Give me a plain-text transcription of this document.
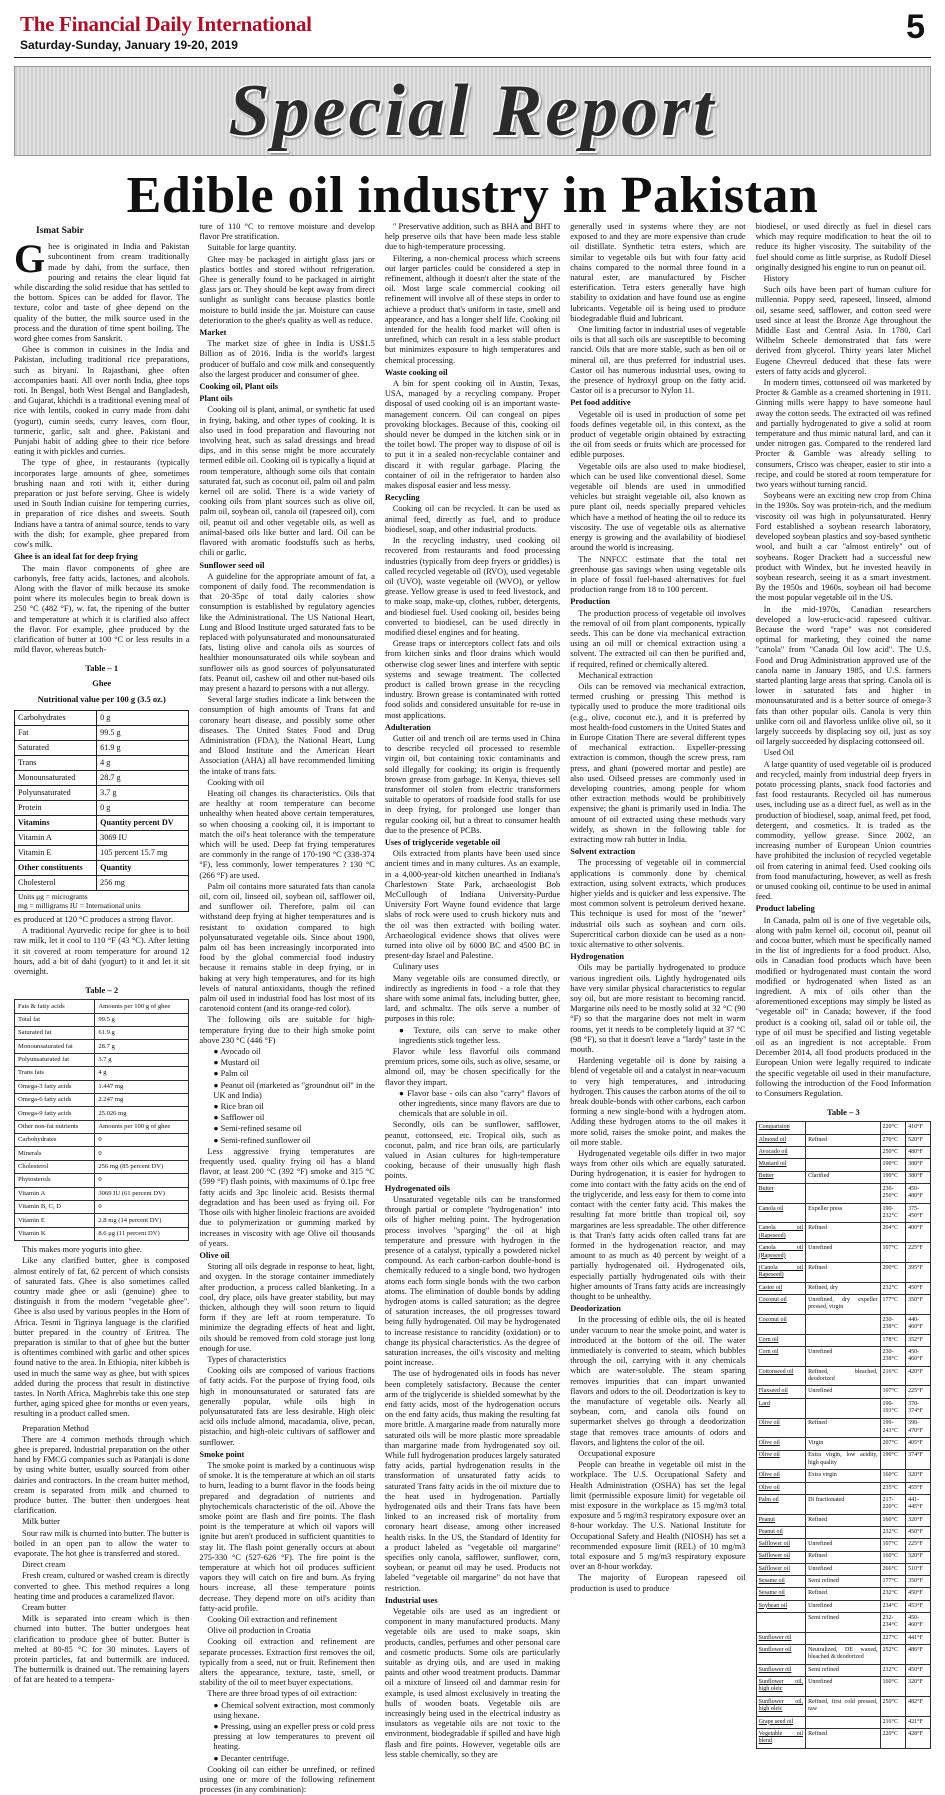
The Financial Daily International
Saturday-Sunday, January 19-20, 2019	5
Special Report
Edible oil industry in Pakistan
Ismat Sabir

Ghee is originated in India and Pakistan subcontinent from cream traditionally made by dahi, from the surface, then pouring and retains the clear liquid fat while discarding the solid residue that has settled to the bottom. Spices can be added for flavor. The texture, color and taste of ghee depend on the quality of the butter, the milk source used in the process and the duration of time spent boiling. The word ghee comes from Sanskrit.

Ghee is common in cuisines in the India and Pakistan, including traditional rice preparations, such as biryani. In Rajasthani, ghee often accompanies baati. All over north India, ghee tops roti. In Bengal, both West Bengal and Bangladesh, and Gujarat, khichdi is a traditional evening meal of rice with lentils, cooked in curry made from dahi (yogurt), cumin seeds, curry leaves, corn flour, turmeric, garlic, salt and ghee. Pakistani and Punjabi habit of adding ghee to their rice before eating it with pickles and curries.

The type of ghee, in restaurants (typically incorporates large amounts of ghee, sometimes brushing naan and roti with it, either during preparation or just before serving. Ghee is widely used in South Indian cuisine for tempering curries, in preparation of rice dishes and sweets. South Indians have a tantra of animal source, tends to vary with the dish; for example, ghee prepared from cow's milk.

Ghee is an ideal fat for deep frying

The main flavor components of ghee are carbonyls, free fatty acids, lactones, and alcohols. Along with the flavor of milk because its smoke point where its molecules begin to break down is 250 °C (482 °F), w. fat, the ripening of the butter and temperature at which it is clarified also affect the flavor. For example, ghee produced by the clarification of butter at 100 °C or less results in a mild flavor, whereas butch-

Table – 1
Ghee
Nutritional value per 100 g (3.5 oz.)
Carbohydrates	0 g
Fat	99.5 g
Saturated	61.9 g
Trans	4 g
Monounsaturated	28.7 g
Polyunsaturated	3.7 g
Protein	0 g
Vitamins	Quantity percent DV
Vitamin A	3069 IU
Vitamin E	105 percent 15.7 mg
Other constituents	Quantity
Cholesterol	256 mg
Units μg = micrograms
mg = milligrams IU = International units

es produced at 120 °C produces a strong flavor.

A traditional Ayurvedic recipe for ghee is to boil raw milk, let it cool to 110 °F (43 °C). After letting it sit covered at room temperature for around 12 hours, add a bit of dahi (yogurt) to it and let it sit overnight.

Table – 2
Fats & fatty acids	Amounts per 100 g of ghee
Total fat	99.5 g
Saturated fat	61.9 g
Monounsaturated fat	28.7 g
Polyunsaturated fat	3.7 g
Trans fats	4 g
Omega-3 fatty acids	1.447 mg
Omega-6 fatty acids	2.247 mg
Omega-9 fatty acids	25.026 mg
Other non-fat nutrients	Amounts per 100 g of ghee
Carbohydrates	0
Minerals	0
Cholesterol	256 mg (85 percent DV)
Phytosterols	0
Vitamin A	3069 IU (61 percent DV)
Vitamin B, C, D	0
Vitamin E	2.8 mg (14 percent DV)
Vitamin K	8.6 μg (11 percent DV)

This makes more yogurts into ghee.

Like any clarified butter, ghee is composed almost entirely of fat, 62 percent of which consists of saturated fats. Ghee is also sometimes called country made ghee or asli (genuine) ghee to distinguish it from the modern "vegetable ghee". Ghee is also used by various peoples in the Horn of Africa. Tesmi in Tigrinya language is the clarified butter prepared in the country of Eritrea. The preparation is similar to that of ghee but the butter is oftentimes combined with garlic and other spices found native to the area. In Ethiopia, niter kibbeh is used in much the same way as ghee, but with spices added during the process that result in distinctive tastes. In North Africa, Maghrebis take this one step further, aging spiced ghee for months or even years, resulting in a product called smen.

Preparation Method

There are 4 common methods through which ghee is prepared. Industrial preparation on the other hand by FMCG companies such as Patanjali is done by using white butter, usually sourced from other dairies and contractors. In the cream butter method, cream is separated from milk and churned to produce butter. The butter then undergoes heat clarification.

Milk butter

Sour raw milk is churned into butter. The butter is boiled in an open pan to allow the water to evaporate. The hot ghee is transferred and stored.

Direct cream

Fresh cream, cultured or washed cream is directly converted to ghee. This method requires a long heating time and produces a caramelized flavor.

Cream butter

Milk is separated into cream which is then churned into butter. The butter undergoes heat clarification to produce ghee of butter. Butter is melted at 80-85 °C for 30 minutes. Layers of protein particles, fat and buttermilk are induced. The buttermilk is drained out. The remaining layers of fat are heated to a tempera-

ture of 110 °C to remove moisture and develop flavor Pre stratification.

Suitable for large quantity.

Ghee may be packaged in airtight glass jars or plastics bottles and stored without refrigeration. Ghee is generally found to be packaged in airtight glass jars or. They should be kept away from direct sunlight as sunlight cans because plastics bottle moisture to build inside the jar. Moisture can cause deterioration to the ghee's quality as well as reduce.

Market

The market size of ghee in India is US$1.5 Billion as of 2016. India is the world's largest producer of buffalo and cow milk and consequently also the largest producer and consumer of ghee.

Cooking oil, Plant oils

Plant oils

Cooking oil is plant, animal, or synthetic fat used in frying, baking, and other types of cooking. It is also used in food preparation and flavouring not involving heat, such as salad dressings and bread dips, and in this sense might be more accurately termed edible oil. Cooking oil is typically a liquid at room temperature, although some oils that contain saturated fat, such as coconut oil, palm oil and palm kernel oil are solid. There is a wide variety of cooking oils from plant sources such as olive oil, palm oil, soybean oil, canola oil (rapeseed oil), corn oil, peanut oil and other vegetable oils, as well as animal-based oils like butter and lard. Oil can be flavored with aromatic foodstuffs such as herbs, chili or garlic.

Sunflower seed oil

A guideline for the appropriate amount of fat, a component of daily food. The recommendation is that 20-35pc of total daily calories show consumption is established by regulatory agencies like the Administrational. The US National Heart, Lung and Blood Institute urged saturated fats to be replaced with polyunsaturated and monounsaturated fats, listing olive and canola oils as sources of healthier monounsaturated oils while soybean and sunflower oils as good sources of polyunsaturated fats. Peanut oil, cashew oil and other nut-based oils may present a hazard to persons with a nut allergy.

Several large studies indicate a link between the consumption of high amounts of Trans fat and coronary heart disease, and possibly some other diseases. The United States Food and Drug Administration (FDA), the National Heart, Lung and Blood Institute and the American Heart Association (AHA) all have recommended limiting the intake of trans fats.

Cooking with oil

Heating oil changes its characteristics. Oils that are healthy at room temperature can become unhealthy when heated above certain temperatures, so when choosing a cooking oil, it is important to match the oil's heat tolerance with the temperature which will be used. Deep fat frying temperatures are commonly in the range of 170-190 °C (338-374 °F), less commonly, lower temperatures ? 130 °C (266 °F) are used.

Palm oil contains more saturated fats than canola oil, corn oil, linseed oil, soybean oil, safflower oil, and sunflower oil. Therefore, palm oil can withstand deep frying at higher temperatures and is resistant to oxidation compared to high polyunsaturated vegetable oils. Since about 1900, palm oil has been increasingly incorporated into food by the global commercial food industry because it remains stable in deep frying, or in baking at very high temperatures, and for its high levels of natural antioxidants, though the refined palm oil used in industrial food has lost most of its carotenoid content (and its orange-red color).

The following oils are suitable for high-temperature frying due to their high smoke point above 230 °C (446 °F)

● Avocado oil

● Mustard oil

● Palm oil

● Peanut oil (marketed as "groundnut oil" in the UK and India)

● Rice bran oil

● Safflower oil

● Semi-refined sesame oil

● Semi-refined sunflower oil

Less aggressive frying temperatures are frequently used. quality frying oil has a bland flavor, at least 200 °C (392 °F) smoke and 315 °C (599 °F) flash points, with maximums of 0.1pc free fatty acids and 3pc linoleic acid. Resists thermal degradation and has been used as frying oil. For Those oils with higher linoleic fractions are avoided due to polymerization or gumming marked by increases in viscosity with age Olive oil thousands of years.

Olive oil

Storing all oils degrade in response to heat, light, and oxygen. In the storage container immediately after production, a process called blanketing. In a cool, dry place, oils have greater stability, but may thicken, although they will soon return to liquid form if they are left at room temperature. To minimize the degrading effects of heat and light, oils should be removed from cold storage just long enough for use.

Types of characteristics

Cooking oils are composed of various fractions of fatty acids. For the purpose of frying food, oils high in monounsaturated or saturated fats are generally popular, while oils high in polyunsaturated fats are less desirable. High oleic acid oils include almond, macadamia, olive, pecan, pistachio, and high-oleic cultivars of safflower and sunflower.

Smoke point

The smoke point is marked by a continuous wisp of smoke. It is the temperature at which an oil starts to burn, leading to a burnt flavor in the foods being prepared and degradation of nutrients and phytochemicals characteristic of the oil. Above the smoke point are flash and fire points. The flash point is the temperature at which oil vapors will ignite but aren't produced in sufficient quantities to stay lit. The flash point generally occurs at about 275-330 °C (527-626 °F). The fire point is the temperature at which hot oil produces sufficient vapors they will catch on fire and burn. As frying hours increase, all these temperature points decrease. They depend more on oil's acidity than fatty-acid profile.

Cooking Oil extraction and refinement

Olive oil production in Croatia

Cooking oil extraction and refinement are separate processes. Extraction first removes the oil, typically from a seed, nut or fruit. Refinement then alters the appearance, texture, taste, smell, or stability of the oil to meet buyer expectations.

There are three broad types of oil extraction:

● Chemical solvent extraction, most commonly using hexane.

● Pressing, using an expeller press or cold press pressing at low temperatures to prevent oil heating.

● Decanter centrifuge.

Cooking oil can either be unrefined, or refined using one or more of the following refinement processes (in any combination):

" Preservative addition, such as BHA and BHT to help preserve oils that have been made less stable due to high-temperature processing.

Filtering, a non-chemical process which screens out larger particles could be considered a step in refinement, although it doesn't alter the state of the oil. Most large scale commercial cooking oil refinement will involve all of these steps in order to achieve a product that's uniform in taste, smell and appearance, and has a longer shelf life. Cooking oil intended for the health food market will often is unrefined, which can result in a less stable product but minimizes exposure to high temperatures and chemical processing.

Waste cooking oil

A bin for spent cooking oil in Austin, Texas, USA, managed by a recycling company. Proper disposal of used cooking oil is an important waste-management concern. Oil can congeal on pipes provoking blockages. Because of this, cooking oil should never be dumped in the kitchen sink or in the toilet bowl. The proper way to dispose of oil is to put it in a sealed non-recyclable container and discard it with regular garbage. Placing the container of oil in the refrigerator to harden also makes disposal easier and less messy.

Recycling

Cooking oil can be recycled. It can be used as animal feed, directly as fuel, and to produce biodiesel, soap, and other industrial products.

In the recycling industry, used cooking oil recovered from restaurants and food processing industries (typically from deep fryers or griddles) is called recycled vegetable oil (RVO), used vegetable oil (UVO), waste vegetable oil (WVO), or yellow grease. Yellow grease is used to feed livestock, and to make soap, make-up, clothes, rubber, detergents, and biodiesel fuel. Used cooking oil, besides being converted to biodiesel, can be used directly in modified diesel engines and for heating.

Grease traps or interceptors collect fats and oils from kitchen sinks and floor drains which would otherwise clog sewer lines and interfere with septic systems and sewage treatment. The collected product is called brown grease in the recycling industry. Brown grease is contaminated with rotted food solids and considered unsuitable for re-use in most applications.

Adulteration

Gutter oil and trench oil are terms used in China to describe recycled oil processed to resemble virgin oil, but containing toxic contaminants and sold illegally for cooking; its origin is frequently brown grease from garbage. In Kenya, thieves sell transformer oil stolen from electric transformers suitable to operators of roadside food stalls for use in deep frying, for prolonged use longer than regular cooking oil, but a threat to consumer health due to the presence of PCBs.

Uses of triglyceride vegetable oil

Oils extracted from plants have been used since ancient times and in many cultures. As an example, in a 4,000-year-old kitchen unearthed in Indiana's Charlestown State Park, archaeologist Bob McCullough of Indiana University-Purdue University Fort Wayne found evidence that large slabs of rock were used to crush hickory nuts and the oil was then extracted with boiling water. Archaeological evidence shows that olives were turned into olive oil by 6000 BC and 4500 BC in present-day Israel and Palestine.

Culinary uses

Many vegetable oils are consumed directly, or indirectly as ingredients in food - a role that they share with some animal fats, including butter, ghee, lard, and schmaltz. The oils serve a number of purposes in this role:

● Texture, oils can serve to make other ingredients stick together less.

Flavor while less flavorful oils command premium prices, some oils, such as olive, sesame, or almond oil, may be chosen specifically for the flavor they impart.

● Flavor base - oils can also "carry" flavors of other ingredients, since many flavors are due to chemicals that are soluble in oil.

Secondly, oils can be sunflower, safflower, peanut, cottonseed, etc. Tropical oils, such as coconut, palm, and rice bran oils, are particularly valued in Asian cultures for high-temperature cooking, because of their unusually high flash points.

Hydrogenated oils

Unsaturated vegetable oils can be transformed through partial or complete "hydrogenation" into oils of higher melting point. The hydrogenation process involves "sparging" the oil at high temperature and pressure with hydrogen in the presence of a catalyst, typically a powdered nickel compound. As each carbon-carbon double-bond is chemically reduced to a single bond, two hydrogen atoms each form single bonds with the two carbon atoms. The elimination of double bonds by adding hydrogen atoms is called saturation; as the degree of saturation increases, the oil progresses toward being fully hydrogenated. Oil may be hydrogenated to increase resistance to rancidity (oxidation) or to change its physical characteristics. As the degree of saturation increases, the oil's viscosity and melting point increase.

The use of hydrogenated oils in foods has never been completely satisfactory. Because the center arm of the triglyceride is shielded somewhat by the end fatty acids, most of the hydrogenation occurs on the end fatty acids, thus making the resulting fat more brittle. A margarine made from naturally more saturated oils will be more plastic more spreadable than margarine made from hydrogenated soy oil. While full hydrogenation produces largely saturated fatty acids, partial hydrogenation results in the transformation of unsaturated fatty acids to saturated Trans fatty acids in the oil mixture due to the heat used in hydrogenation. Partially hydrogenated oils and their Trans fats have been linked to an increased risk of mortality from coronary heart disease, among other increased health risks. In the US, the Standard of Identity for a product labeled as "vegetable oil margarine" specifies only canola, safflower, sunflower, corn, soybean, or peanut oil may be used. Products not labeled "vegetable oil margarine" do not have that restriction.

Industrial uses

Vegetable oils are used as an ingredient or component in many manufactured products. Many vegetable oils are used to make soaps, skin products, candles, perfumes and other personal care and cosmetic products. Some oils are particularly suitable as drying oils, and are used in making paints and other wood treatment products. Dammar oil a mixture of linseed oil and dammar resin for example, is used almost exclusively in treating the hulls of wooden boats. Vegetable oils are increasingly being used in the electrical industry as insulators as vegetable oils are not toxic to the environment, biodegradable if spilled and have high flash and fire points. However, vegetable oils are less stable chemically, so they are

generally used in systems where they are not exposed to and they are more expensive than crude oil distillate. Synthetic tetra esters, which are similar to vegetable oils but with four fatty acid chains compared to the normal three found in a natural ester, are manufactured by Fischer esterification. Tetra esters generally have high stability to oxidation and have found use as engine lubricants. Vegetable oil is being used to produce biodegradable fluid and lubricant.

One limiting factor in industrial uses of vegetable oils is that all such oils are susceptible to becoming rancid. Oils that are more stable, such as ben oil or mineral oil, are thus preferred for industrial uses. Castor oil has numerous industrial uses, owing to the presence of hydroxyl group on the fatty acid. Castor oil is a precursor to Nylon 11.

Pet food additive

Vegetable oil is used in production of some pet foods defines vegetable oil, in this context, as the product of vegetable origin obtained by extracting the oil from seeds or fruits which are processed for edible purposes.

Vegetable oils are also used to make biodiesel, which can be used like conventional diesel. Some vegetable oil blends are used in unmodified vehicles but straight vegetable oil, also known as pure plant oil, needs specially prepared vehicles which have a method of heating the oil to reduce its viscosity. The use of vegetable oils as alternative energy is growing and the availability of biodiesel around the world is increasing.

The NNFCC estimate that the total net greenhouse gas savings when using vegetable oils in place of fossil fuel-based alternatives for fuel production range from 18 to 100 percent.

Production

The production process of vegetable oil involves the removal of oil from plant components, typically seeds. This can be done via mechanical extraction using an oil mill or chemical extraction using a solvent. The extracted oil can then be purified and, if required, refined or chemically altered.

Mechanical extraction

Oils can be removed via mechanical extraction, termed crushing or pressing This method is typically used to produce the more traditional oils (e.g., olive, coconut etc.), and it is preferred by most health-food customers in the United States and in Europe Citation There are several different types of mechanical extraction. Expeller-pressing extraction is common, though the screw press, ram press, and ghani (powered mortar and pestle) are also used. Oilseed presses are commonly used in developing countries, among people for whom other extraction methods would be prohibitively expensive; the ghani is primarily used in India. The amount of oil extracted using these methods vary widely, as shown in the following table for extracting mow rah butter in India.

Solvent extraction

The processing of vegetable oil in commercial applications is commonly done by chemical extraction, using solvent extracts, which produces higher yields and is quicker and less expensive. The most common solvent is petroleum derived hexane. This technique is used for most of the "newer" industrial oils such as soybean and corn oils. Supercritical carbon dioxide can be used as a non-toxic alternative to other solvents.

Hydrogenation

Oils may be partially hydrogenated to produce various ingredient oils. Lightly hydrogenated oils have very similar physical characteristics to regular soy oil, but are more resistant to becoming rancid. Margarine oils need to be mostly solid at 32 °C (90 °F) so that the margarine does not melt in warm rooms, yet it needs to be completely liquid at 37 °C (98 °F), so that it doesn't leave a "lardy" taste in the mouth.

Hardening vegetable oil is done by raising a blend of vegetable oil and a catalyst in near-vacuum to very high temperatures, and introducing hydrogen. This causes the carbon atoms of the oil to break double-bonds with other carbons, each carbon forming a new single-bond with a hydrogen atom. Adding these hydrogen atoms to the oil makes it more solid, raises the smoke point, and makes the oil more stable.

Hydrogenated vegetable oils differ in two major ways from other oils which are equally saturated. During hydrogenation, it is easier for hydrogen to come into contact with the fatty acids on the end of the triglyceride, and less easy for them to come into contact with the center fatty acid. This makes the resulting fat more brittle than tropical oil, soy margarines are less spreadable. The other difference is that Tran's fatty acids often called trans fat are formed in the hydrogenation reactor, and may amount to as much as 40 percent by weight of a partially hydrogenated oil. Hydrogenated oils, especially partially hydrogenated oils with their higher amounts of Trans fatty acids are increasingly thought to be unhealthy.

Deodorization

In the processing of edible oils, the oil is heated under vacuum to near the smoke point, and water is introduced at the bottom of the oil. The water immediately is converted to steam, which bubbles through the oil, carrying with it any chemicals which are water-soluble. The steam sparing removes impurities that can impart unwanted flavors and odors to the oil. Deodorization is key to the manufacture of vegetable oils. Nearly all soybean, corn, and canola oils found on supermarket shelves go through a deodorization stage that removes trace amounts of odors and flavors, and lightens the color of the oil.

Occupational exposure

People can breathe in vegetable oil mist in the workplace. The U.S. Occupational Safety and Health Administration (OSHA) has set the legal limit (permissible exposure limit) for vegetable oil mist exposure in the workplace as 15 mg/m3 total exposure and 5 mg/m3 respiratory exposure over an 8-hour workday. The U.S. National Institute for Occupational Safety and Health (NIOSH) has set a recommended exposure limit (REL) of 10 mg/m3 total exposure and 5 mg/m3 respiratory exposure over an 8-hour workday.

The majority of European rapeseed oil production is used to produce

biodiesel, or used directly as fuel in diesel cars which may require modification to heat the oil to reduce its higher viscosity. The suitability of the fuel should come as little surprise, as Rudolf Diesel originally designed his engine to run on peanut oil.

History

Such oils have been part of human culture for millennia. Poppy seed, rapeseed, linseed, almond oil, sesame seed, safflower, and cotton seed were used since at least the Bronze Age throughout the Middle East and Central Asia. In 1780, Carl Wilhelm Scheele demonstrated that fats were derived from glycerol. Thirty years later Michel Eugene Chevreul deduced that these fats were esters of fatty acids and glycerol.

In modern times, cottonseed oil was marketed by Procter & Gamble as a creamed shortening in 1911. Ginning mills were happy to have someone haul away the cotton seeds. The extracted oil was refined and partially hydrogenated to give a solid at room temperature and thus mimic natural lard, and can it under nitrogen gas. Compared to the rendered lard Procter & Gamble was already selling to consumers, Crisco was cheaper, easier to stir into a recipe, and could be stored at room temperature for two years without turning rancid.

Soybeans were an exciting new crop from China in the 1930s. Soy was protein-rich, and the medium viscosity oil was high in polyunsaturated. Henry Ford established a soybean research laboratory, developed soybean plastics and soy-based synthetic wool, and built a car "almost entirely" out of soybeans. Roger Drackett had a successful new product with Windex, but he invested heavily in soybean research, seeing it as a smart investment. By the 1950s and 1960s, soybean oil had become the most popular vegetable oil in the US.

In the mid-1970s, Canadian researchers developed a low-erucic-acid rapeseed cultivar. Because the word "rape" was not considered optimal for marketing, they coined the name "canola" from "Canada Oil low acid". The U.S. Food and Drug Administration approved use of the canola name in January 1985, and U.S. farmers started planting large areas that spring. Canola oil is lower in saturated fats and higher in monounsaturated and is a better source of omega-3 fats than other popular oils. Canola is very thin unlike corn oil and flavorless unlike olive oil, so it largely succeeds by displacing soy oil, just as soy oil largely succeeded by displacing cottonseed oil.

Used Oil

A large quantity of used vegetable oil is produced and recycled, mainly from industrial deep fryers in potato processing plants, snack food factories and fast food restaurants. Recycled oil has numerous uses, including use as a direct fuel, as well as in the production of biodiesel, soap, animal feed, pet food, detergent, and cosmetics. It is traded as the commodity, yellow grease. Since 2002, an increasing number of European Union countries have prohibited the inclusion of recycled vegetable oil from catering in animal feed. Used cooking oils from food manufacturing, however, as well as fresh or unused cooking oil, continue to be used in animal feed.

Product labeling

In Canada, palm oil is one of five vegetable oils, along with palm kernel oil, coconut oil, peanut oil and cocoa butter, which must be specifically named in the list of ingredients for a food product. Also, oils in Canadian food products which have been modified or hydrogenated must contain the word modified or hydrogenated when listed as an ingredient. A mix of oils other than the aforementioned exceptions may simply be listed as "vegetable oil" in Canada; however, if the food product is a cooking oil, salad oil or table oil, the type of oil must be specified and listing vegetable oil as an ingredient is not acceptable. From December 2014, all food products produced in the European Union were legally required to indicate the specific vegetable oil used in their manufacture, following the introduction of the Food Information to Consumers Regulation.

Table – 3
Comparision		220°C	410°F
Almond oil	Refined	270°C	520°F
Avocado oil		250°C	480°F
Mustard oil		190°C	380°F
Butter	Clarified	190°C	380°F
Butter		230-250°C	450-480°F
Canola oil	Expeller press	190-232°C	375-450°F
Canola oil (Rapeseed)	Refined	204°C	400°F
Canola oil (Rapeseed)	Unrefined	107°C	225°F
(Canola oil Rapeseed)	Refined	200°C	395°F
Castor oil	Refined, dry	232°C	450°F
Coconut oil	Unrefined, dry expeller pressed, virgin	177°C	350°F
Coconut oil		230-238°C	440-460°F
Corn oil		178°C	352°F
Corn oil	Unrefined	230-238°C	450-460°F
Cottonseed oil	Refined, bleached, deodorized	216°C	420°F
Flaxseed oil	Unrefined	107°C	225°F
Lard		190-193°C	370-374°F
Olive oil	Refined	199-243°C	390-470°F
Olive oil	Virgin	207°C	405°F
Olive oil	Extra virgin, low acidity, high quality	190°C	374°F
Olive oil	Extra virgin	160°C	320°F
Olive oil		235°C	455°F
Palm oil	Di fractionated	217-220°C	441-445°F
Peanut	Refined	160°C	320°F
Peanut oil		232°C	450°F
Safflower oil	Unrefined	107°C	225°F
Safflower oil	Refined	160°C	320°F
Safflower oil	Unrefined	266°C	510°F
Sesame oil	Semi refined	177°C	350°F
Sesame oil	Refined	232°C	450°F
Soybean oil	Unrefined	234°C	453°F
	Semi refined	232-234°C	450-460°F
Sunflower oil		227°C	441°F
Sunflower oil	Neutralized, DE waxed, bleached & deodorized	252°C	486°F
Sunflower oil	Semi refined	232°C	450°F
Sunflower oil, high oleic	Unrefined	160°C	320°F
Sunflower oil, high oleic	Refined, first cold pressed, raw	250°C	482°F
Grape seed oil		216°C	421°F
Vegetable oil blend	Refined	220°C	428°F
